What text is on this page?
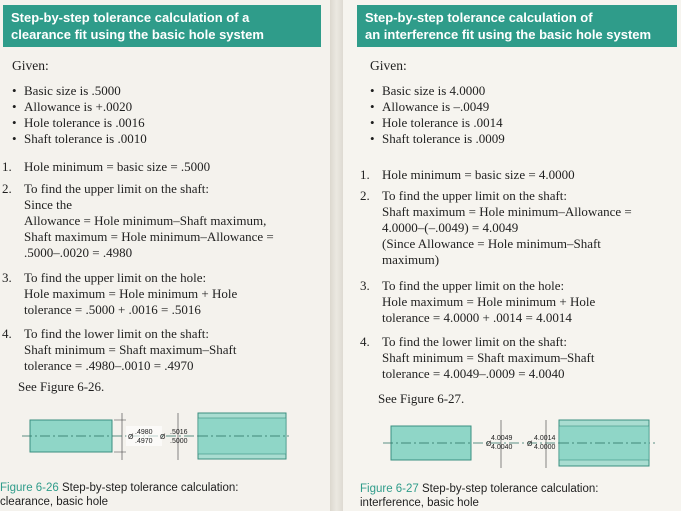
Step-by-step tolerance calculation of a
clearance fit using the basic hole system
Given:
• Basic size is .5000
• Allowance is +.0020
• Hole tolerance is .0016
• Shaft tolerance is .0010
1. Hole minimum = basic size = .5000
2. To find the upper limit on the shaft:
Since the
Allowance = Hole minimum–Shaft maximum,
Shaft maximum = Hole minimum–Allowance =
.5000–.0020 = .4980
3. To find the upper limit on the hole:
Hole maximum = Hole minimum + Hole
tolerance = .5000 + .0016 = .5016
4. To find the lower limit on the shaft:
Shaft minimum = Shaft maximum–Shaft
tolerance = .4980–.0010 = .4970
See Figure 6-26.
Ø
.4980
.4970
Ø
.5016
.5000
Figure 6-26 Step-by-step tolerance calculation:
clearance, basic hole
Step-by-step tolerance calculation of
an interference fit using the basic hole system
Given:
• Basic size is 4.0000
• Allowance is –.0049
• Hole tolerance is .0014
• Shaft tolerance is .0009
1. Hole minimum = basic size = 4.0000
2. To find the upper limit on the shaft:
Shaft maximum = Hole minimum–Allowance =
4.0000–(–.0049) = 4.0049
(Since Allowance = Hole minimum–Shaft
maximum)
3. To find the upper limit on the hole:
Hole maximum = Hole minimum + Hole
tolerance = 4.0000 + .0014 = 4.0014
4. To find the lower limit on the shaft:
Shaft minimum = Shaft maximum–Shaft
tolerance = 4.0049–.0009 = 4.0040
See Figure 6-27.
Ø
4.0049
4.0040 Ø
4.0014
4.0000
Figure 6-27 Step-by-step tolerance calculation:
interference, basic hole
